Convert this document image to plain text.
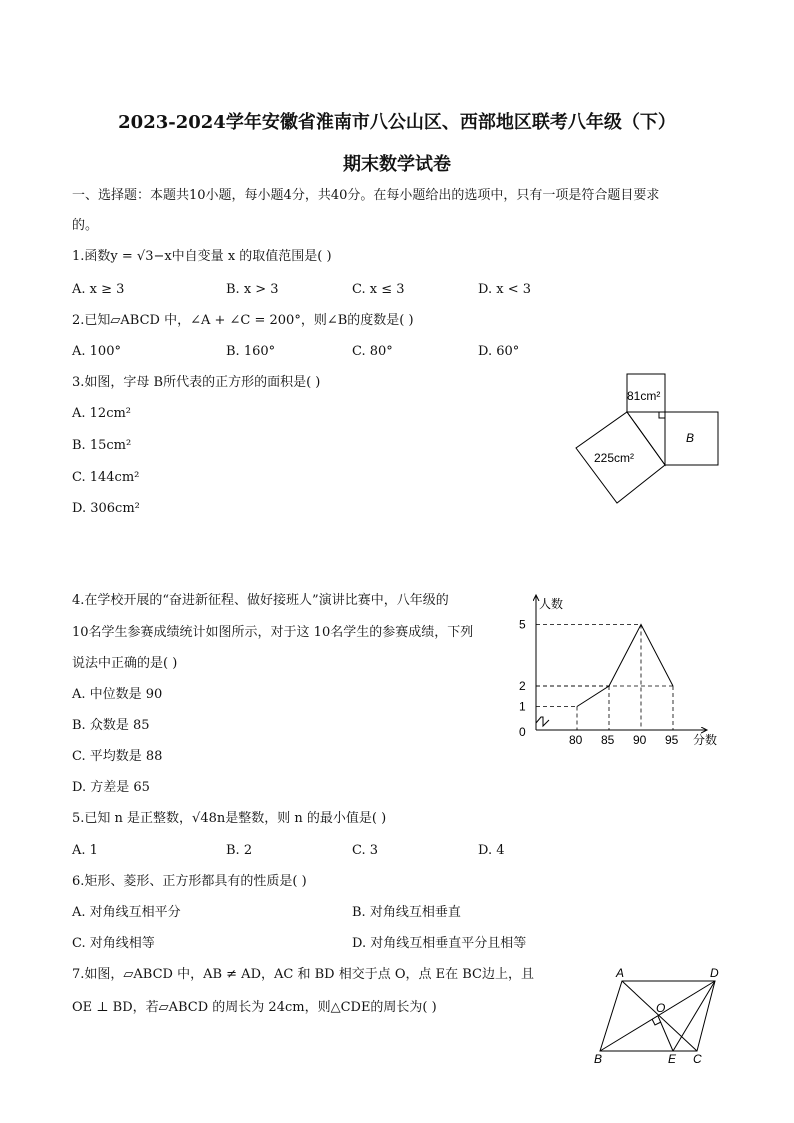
2023-2024学年安徽省淮南市八公山区、西部地区联考八年级（下）
期末数学试卷
一、选择题：本题共10小题，每小题4分，共40分。在每小题给出的选项中，只有一项是符合题目要求
的。
1.函数y = √3−x中自变量 x 的取值范围是( )
A. x ≥ 3	B. x > 3	C. x ≤ 3	D. x < 3
2.已知▱ABCD 中，∠A + ∠C = 200°，则∠B的度数是( )
A. 100°	B. 160°	C. 80°	D. 60°
3.如图，字母 B所代表的正方形的面积是( )
A. 12cm²
B. 15cm²
C. 144cm²
D. 306cm²
81cm²
225cm²
B
4.在学校开展的“奋进新征程、做好接班人”演讲比赛中，八年级的
10名学生参赛成绩统计如图所示，对于这 10名学生的参赛成绩，下列
说法中正确的是( )
A. 中位数是 90
B. 众数是 85
C. 平均数是 88
D. 方差是 65
人数
分数
80 85 90 95
0
1
2
5
5.已知 n 是正整数，√48n是整数，则 n 的最小值是( )
A. 1	B. 2	C. 3	D. 4
6.矩形、菱形、正方形都具有的性质是( )
A. 对角线互相平分	B. 对角线互相垂直
C. 对角线相等	D. 对角线互相垂直平分且相等
7.如图，▱ABCD 中，AB ≠ AD，AC 和 BD 相交于点 O，点 E在 BC边上，且
OE ⊥ BD，若▱ABCD 的周长为 24cm，则△CDE的周长为( )
A	D
O
B	E C
